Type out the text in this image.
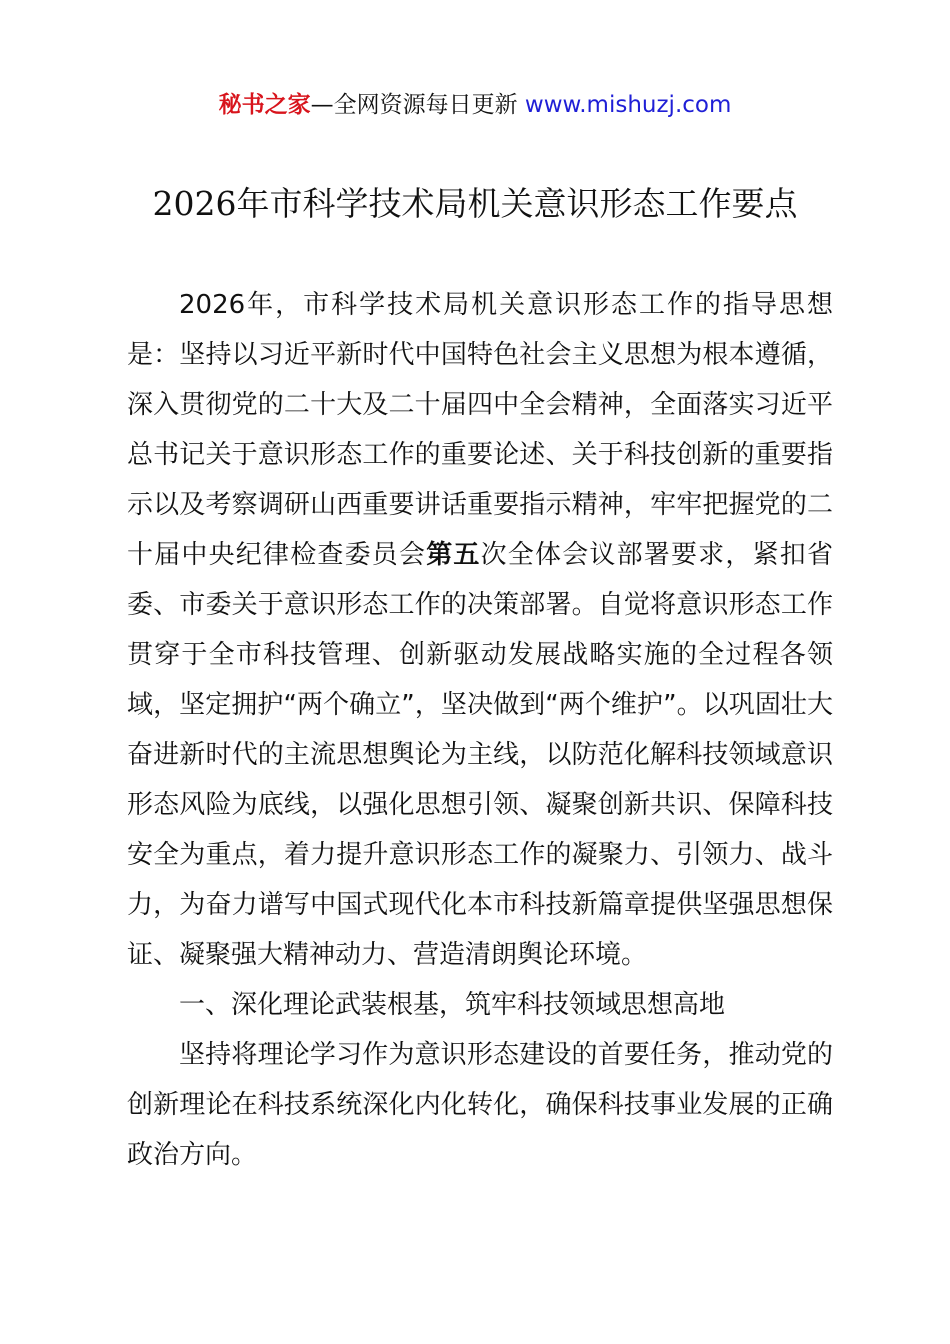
秘书之家—全网资源每日更新 www.mishuzj.com
2026年市科学技术局机关意识形态工作要点

2026年，市科学技术局机关意识形态工作的指导思想是：坚持以习近平新时代中国特色社会主义思想为根本遵循，深入贯彻党的二十大及二十届四中全会精神，全面落实习近平总书记关于意识形态工作的重要论述、关于科技创新的重要指示以及考察调研山西重要讲话重要指示精神，牢牢把握党的二十届中央纪律检查委员会第五次全体会议部署要求，紧扣省委、市委关于意识形态工作的决策部署。自觉将意识形态工作贯穿于全市科技管理、创新驱动发展战略实施的全过程各领域，坚定拥护“两个确立”，坚决做到“两个维护”。以巩固壮大奋进新时代的主流思想舆论为主线，以防范化解科技领域意识形态风险为底线，以强化思想引领、凝聚创新共识、保障科技安全为重点，着力提升意识形态工作的凝聚力、引领力、战斗力，为奋力谱写中国式现代化本市科技新篇章提供坚强思想保证、凝聚强大精神动力、营造清朗舆论环境。

一、深化理论武装根基，筑牢科技领域思想高地

坚持将理论学习作为意识形态建设的首要任务，推动党的创新理论在科技系统深化内化转化，确保科技事业发展的正确政治方向。
